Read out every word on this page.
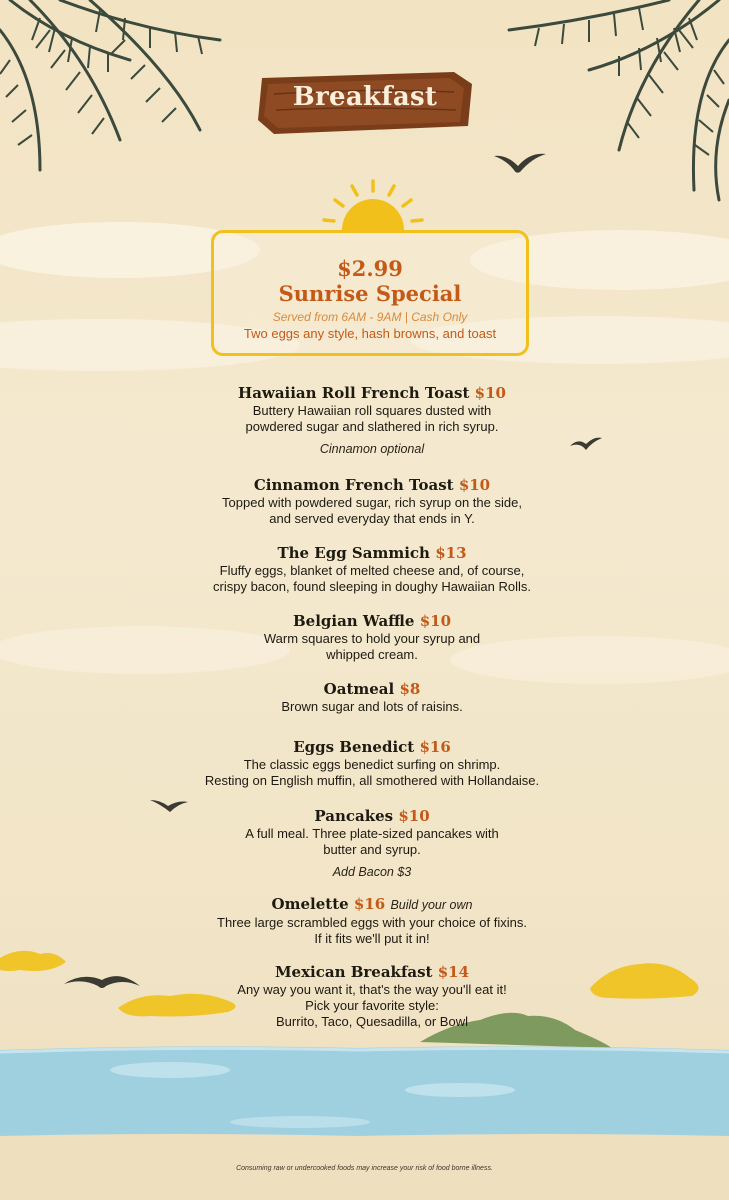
Breakfast
$2.99
Sunrise Special
Served from 6AM - 9AM | Cash Only
Two eggs any style, hash browns, and toast
Hawaiian Roll French Toast $10
Buttery Hawaiian roll squares dusted with
powdered sugar and slathered in rich syrup.
Cinnamon optional
Cinnamon French Toast $10
Topped with powdered sugar, rich syrup on the side,
and served everyday that ends in Y.
The Egg Sammich $13
Fluffy eggs, blanket of melted cheese and, of course,
crispy bacon, found sleeping in doughy Hawaiian Rolls.
Belgian Waffle $10
Warm squares to hold your syrup and
whipped cream.
Oatmeal $8
Brown sugar and lots of raisins.
Eggs Benedict $16
The classic eggs benedict surfing on shrimp.
Resting on English muffin, all smothered with Hollandaise.
Pancakes $10
A full meal. Three plate-sized pancakes with
butter and syrup.
Add Bacon $3
Omelette $16 Build your own
Three large scrambled eggs with your choice of fixins.
If it fits we'll put it in!
Mexican Breakfast $14
Any way you want it, that's the way you'll eat it!
Pick your favorite style:
Burrito, Taco, Quesadilla, or Bowl
Consuming raw or undercooked foods may increase your risk of food borne illness.
